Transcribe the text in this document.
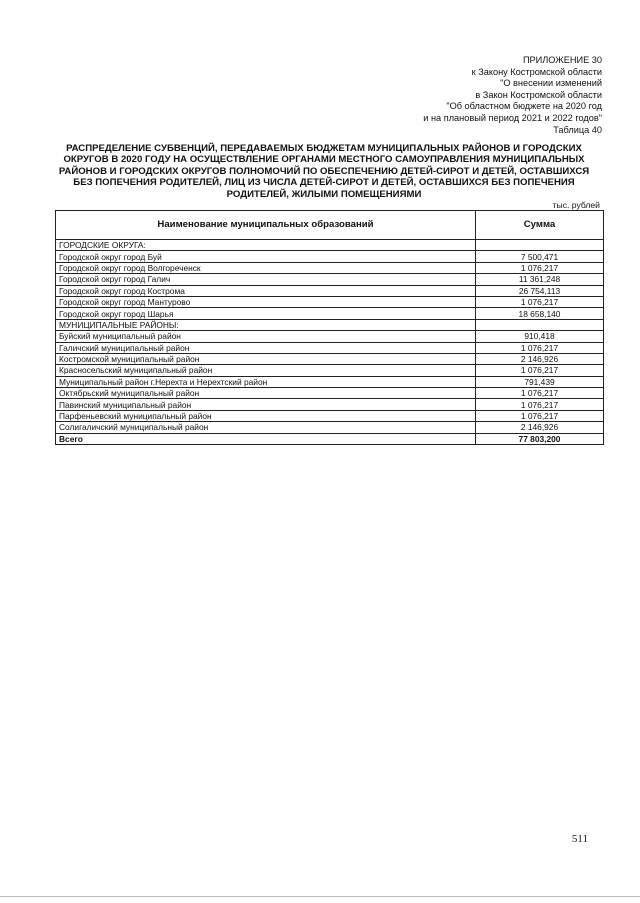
ПРИЛОЖЕНИЕ 30
к Закону Костромской области
"О внесении изменений
в Закон Костромской области
"Об областном бюджете на 2020 год
и на плановый период 2021 и 2022 годов"
Таблица 40
РАСПРЕДЕЛЕНИЕ СУБВЕНЦИЙ, ПЕРЕДАВАЕМЫХ БЮДЖЕТАМ МУНИЦИПАЛЬНЫХ РАЙОНОВ И ГОРОДСКИХ
ОКРУГОВ В 2020 ГОДУ НА ОСУЩЕСТВЛЕНИЕ ОРГАНАМИ МЕСТНОГО САМОУПРАВЛЕНИЯ МУНИЦИПАЛЬНЫХ
РАЙОНОВ И ГОРОДСКИХ ОКРУГОВ ПОЛНОМОЧИЙ ПО ОБЕСПЕЧЕНИЮ ДЕТЕЙ-СИРОТ И ДЕТЕЙ, ОСТАВШИХСЯ
БЕЗ ПОПЕЧЕНИЯ РОДИТЕЛЕЙ, ЛИЦ ИЗ ЧИСЛА ДЕТЕЙ-СИРОТ И ДЕТЕЙ, ОСТАВШИХСЯ БЕЗ ПОПЕЧЕНИЯ
РОДИТЕЛЕЙ, ЖИЛЫМИ ПОМЕЩЕНИЯМИ
тыс. рублей
Наименование муниципальных образований	Сумма
ГОРОДСКИЕ ОКРУГА:	
Городской округ город Буй	7 500,471
Городской округ город Волгореченск	1 076,217
Городской округ город Галич	11 361,248
Городской округ город Кострома	26 754,113
Городской округ город Мантурово	1 076,217
Городской округ город Шарья	18 658,140
МУНИЦИПАЛЬНЫЕ РАЙОНЫ:	
Буйский муниципальный район	910,418
Галичский муниципальный район	1 076,217
Костромской муниципальный район	2 146,926
Красносельский муниципальный район	1 076,217
Муниципальный район г.Нерехта и Нерехтский район	791,439
Октябрьский муниципальный район	1 076,217
Павинский муниципальный район	1 076,217
Парфеньевский муниципальный район	1 076,217
Солигаличский муниципальный район	2 146,926
Всего	77 803,200
511
